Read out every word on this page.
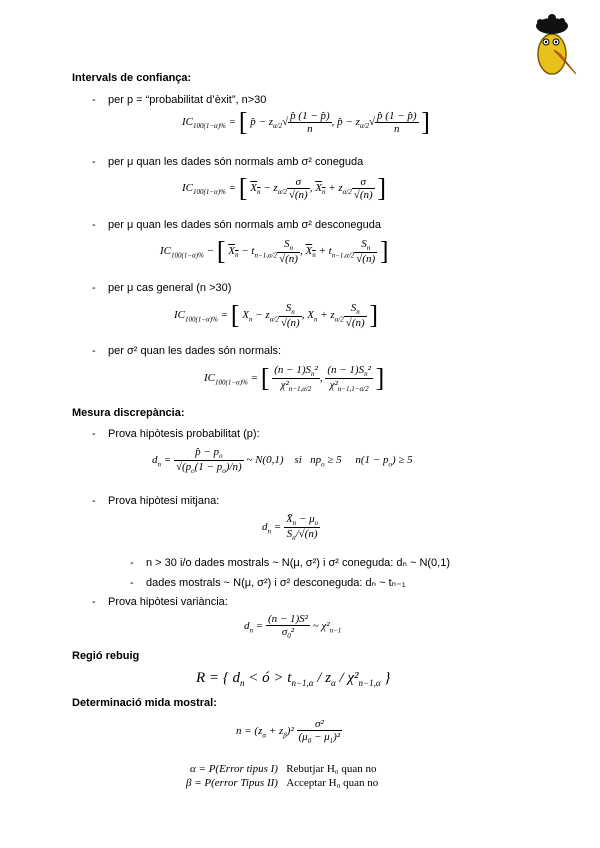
Intervals de confiança:
- per p = “probabilitat d’èxit”, n>30
$IC_{100(1-\alpha)\%}$ = [ p̂ − $z_{\alpha/2}√ \frac{p̂ (1 - p̂)}{n}$ , p̂ − $z_{\alpha/2}√ \frac{p̂ (1 - p̂)}{n}$ ]
- per μ quan les dades són normals amb σ² coneguda
$IC_{100(1-\alpha)\%}$ = [ $X_n - z_{\alpha/2} \frac{\sigma}{√(n)}$ , $X_n + z_{\alpha/2} \frac{\sigma}{√(n)}$ ]
- per μ quan les dades són normals amb σ² desconeguda
$IC_{100(1-\alpha)\%}$ − [ $X_n - t_{n-1,\alpha/2} \frac{S_n}{√(n)}$ , $X_n + t_{n-1,\alpha/2} \frac{S_n}{√(n)}$ ]
- per μ cas general (n >30)
$IC_{100(1-\alpha)\%}$ = [ $X_n - z_{\alpha/2} \frac{S_n}{√(n)}$ , $X_n + z_{\alpha/2} \frac{S_n}{√(n)}$ ]
- per σ² quan les dades són normals:
$IC_{100(1-\alpha)\%}$ = [ $\frac{(n - 1)S_n^2}{\chi^2_{n-1,\alpha/2}}$ , $\frac{(n - 1)S_n^2}{\chi^2_{n-1,1-\alpha/2}}$ ]
Mesura discrepància:
- Prova hipòtesis probabilitat (p):
$d_n = \frac{p̂ - p_o}{√(p_o(1 - p_o)/n)}$ ~ N(0,1)    si   $np_o \ge 5$     $n(1 - p_o) \ge 5$
- Prova hipòtesi mitjana:
$d_n = \frac{X̄_n - \mu_o}{S_n/√(n)}$
- n > 30 i/o dades mostrals ~ N(μ, σ²) i σ² coneguda: dₙ ~ N(0,1)
- dades mostrals ~ N(μ, σ²) i σ² desconeguda: dₙ ~ tₙ₋₁
- Prova hipòtesi variància:
$d_n = \frac{\text{(n − 1)S²}}{\sigma_0^2}$ ~ $\chi^2_{n-1}$
Regió rebuig
R = { $d_n$ < ó > $t_{n-1,\alpha} / z_\alpha / \chi^2_{n-1,\alpha}$ }
Determinació mida mostral:
$n = (z_\alpha + z_\beta)^2 \frac{\text{σ²}}{(\mu_0 - \mu_1)^2}$
α = P(Error tipus I)   Rebutjar H₀ quan no
β = P(error Tipus II)   Acceptar H₀ quan no
